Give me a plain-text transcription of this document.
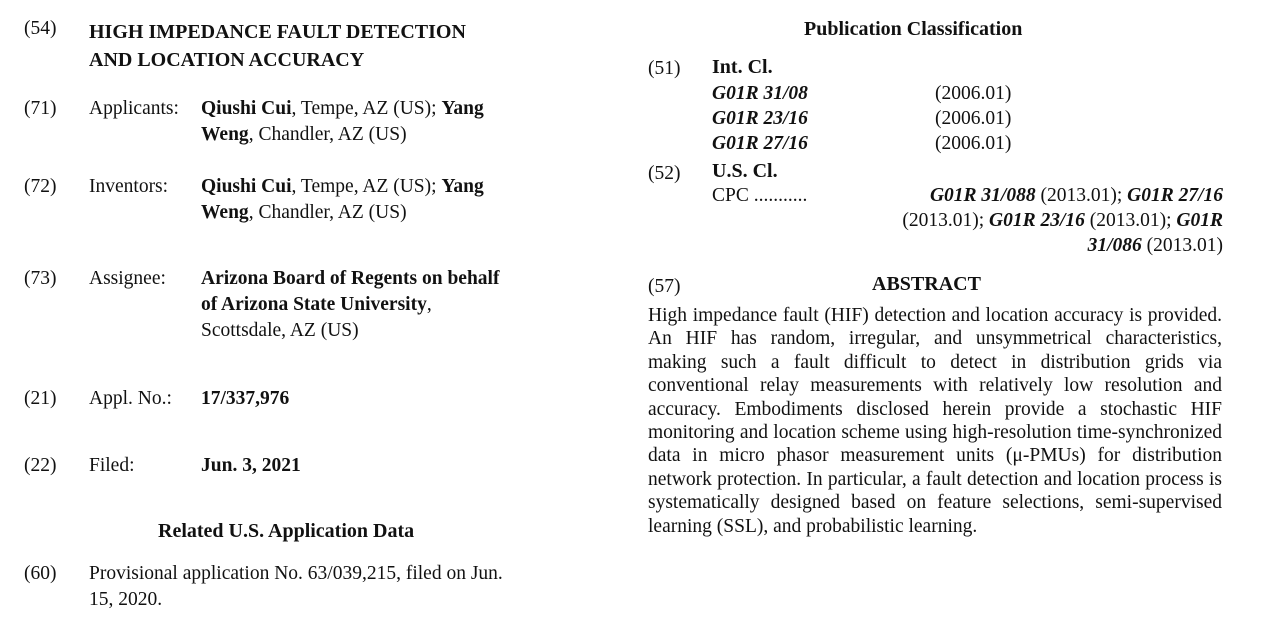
(54) HIGH IMPEDANCE FAULT DETECTION
AND LOCATION ACCURACY
(71) Applicants: Qiushi Cui, Tempe, AZ (US); Yang
Weng, Chandler, AZ (US)
(72) Inventors: Qiushi Cui, Tempe, AZ (US); Yang
Weng, Chandler, AZ (US)
(73) Assignee: Arizona Board of Regents on behalf
of Arizona State University,
Scottsdale, AZ (US)
(21) Appl. No.: 17/337,976
(22) Filed:	Jun. 3, 2021
Related U.S. Application Data
(60) Provisional application No. 63/039,215, filed on Jun.
15, 2020.
Publication Classification
(51) Int. Cl.
G01R 31/08	(2006.01)
G01R 23/16	(2006.01)
G01R 27/16	(2006.01)
(52) U.S. Cl.
CPC ...........	G01R 31/088 (2013.01); G01R 27/16
(2013.01); G01R 23/16 (2013.01); G01R
31/086 (2013.01)
(57)	ABSTRACT
High impedance fault (HIF) detection and location accuracy is provided. An HIF has random, irregular, and unsymmetrical characteristics, making such a fault difficult to detect in distribution grids via conventional relay measurements with relatively low resolution and accuracy. Embodiments disclosed herein provide a stochastic HIF monitoring and location scheme using high-resolution time-synchronized data in micro phasor measurement units (μ-PMUs) for distribution network protection. In particular, a fault detection and location process is systematically designed based on feature selections, semi-supervised learning (SSL), and probabilistic learning.
